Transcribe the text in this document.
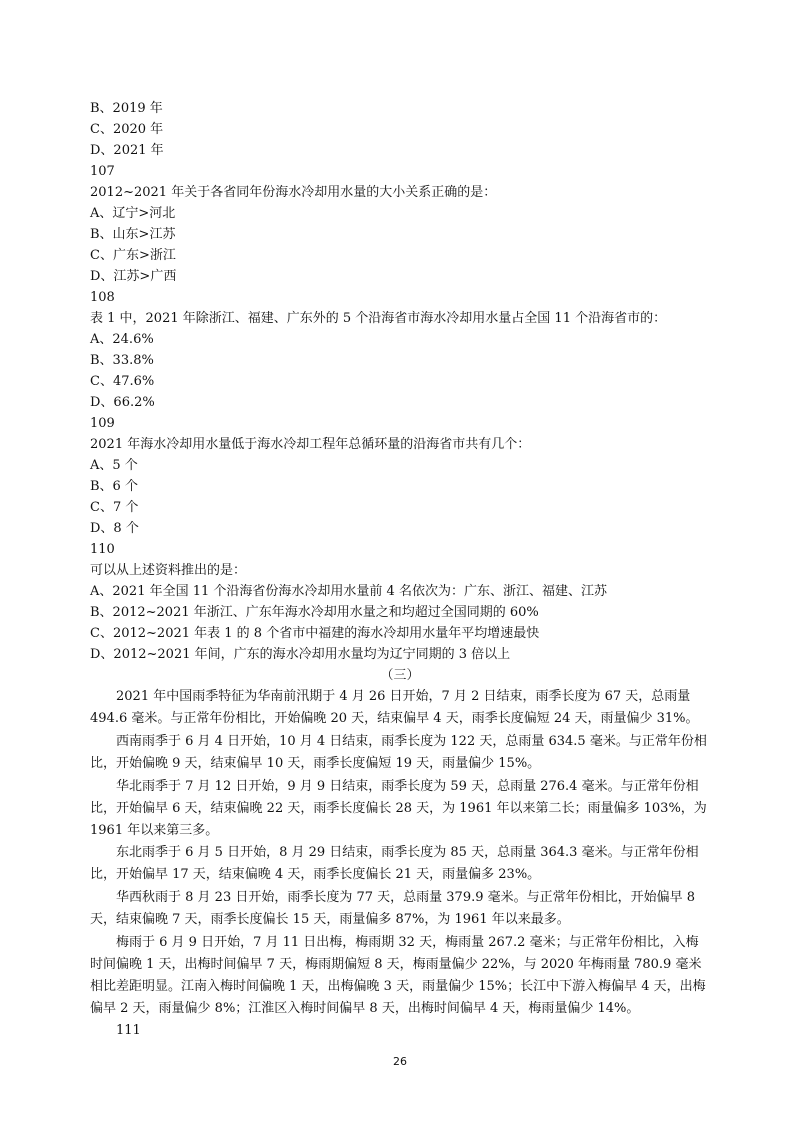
B、2019 年
C、2020 年
D、2021 年
107
2012~2021 年关于各省同年份海水冷却用水量的大小关系正确的是：
A、辽宁>河北
B、山东>江苏
C、广东>浙江
D、江苏>广西
108
表 1 中，2021 年除浙江、福建、广东外的 5 个沿海省市海水冷却用水量占全国 11 个沿海省市的：
A、24.6%
B、33.8%
C、47.6%
D、66.2%
109
2021 年海水冷却用水量低于海水冷却工程年总循环量的沿海省市共有几个：
A、5 个
B、6 个
C、7 个
D、8 个
110
可以从上述资料推出的是：
A、2021 年全国 11 个沿海省份海水冷却用水量前 4 名依次为：广东、浙江、福建、江苏
B、2012~2021 年浙江、广东年海水冷却用水量之和均超过全国同期的 60%
C、2012~2021 年表 1 的 8 个省市中福建的海水冷却用水量年平均增速最快
D、2012~2021 年间，广东的海水冷却用水量均为辽宁同期的 3 倍以上
（三）
2021 年中国雨季特征为华南前汛期于 4 月 26 日开始，7 月 2 日结束，雨季长度为 67 天，总雨量 494.6 毫米。与正常年份相比，开始偏晚 20 天，结束偏早 4 天，雨季长度偏短 24 天，雨量偏少 31%。
西南雨季于 6 月 4 日开始，10 月 4 日结束，雨季长度为 122 天，总雨量 634.5 毫米。与正常年份相比，开始偏晚 9 天，结束偏早 10 天，雨季长度偏短 19 天，雨量偏少 15%。
华北雨季于 7 月 12 日开始，9 月 9 日结束，雨季长度为 59 天，总雨量 276.4 毫米。与正常年份相比，开始偏早 6 天，结束偏晚 22 天，雨季长度偏长 28 天，为 1961 年以来第二长；雨量偏多 103%，为 1961 年以来第三多。
东北雨季于 6 月 5 日开始，8 月 29 日结束，雨季长度为 85 天，总雨量 364.3 毫米。与正常年份相比，开始偏早 17 天，结束偏晚 4 天，雨季长度偏长 21 天，雨量偏多 23%。
华西秋雨于 8 月 23 日开始，雨季长度为 77 天，总雨量 379.9 毫米。与正常年份相比，开始偏早 8 天，结束偏晚 7 天，雨季长度偏长 15 天，雨量偏多 87%，为 1961 年以来最多。
梅雨于 6 月 9 日开始，7 月 11 日出梅，梅雨期 32 天，梅雨量 267.2 毫米；与正常年份相比，入梅时间偏晚 1 天，出梅时间偏早 7 天，梅雨期偏短 8 天，梅雨量偏少 22%，与 2020 年梅雨量 780.9 毫米相比差距明显。江南入梅时间偏晚 1 天，出梅偏晚 3 天，雨量偏少 15%；长江中下游入梅偏早 4 天，出梅偏早 2 天，雨量偏少 8%；江淮区入梅时间偏早 8 天，出梅时间偏早 4 天，梅雨量偏少 14%。
111
26
